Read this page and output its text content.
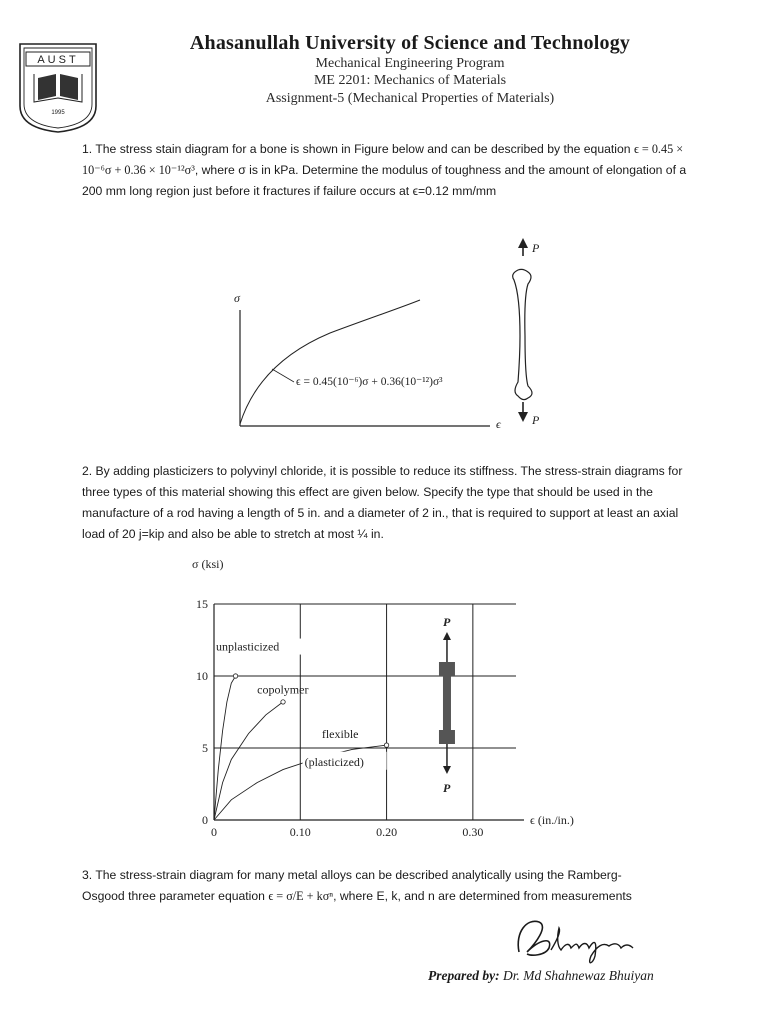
AUST
1995
Ahasanullah University of Science and Technology
Mechanical Engineering Program
ME 2201: Mechanics of Materials
Assignment-5 (Mechanical Properties of Materials)
1. The stress stain diagram for a bone is shown in Figure below and can be described by the equation ϵ = 0.45 × 10⁻⁶σ + 0.36 × 10⁻¹²σ³, where σ is in kPa. Determine the modulus of toughness and the amount of elongation of a 200 mm long region just before it fractures if failure occurs at ϵ=0.12 mm/mm
σ
ϵ
ϵ = 0.45(10⁻⁶)σ + 0.36(10⁻¹²)σ³
P
P
2. By adding plasticizers to polyvinyl chloride, it is possible to reduce its stiffness. The stress-strain diagrams for three types of this material showing this effect are given below. Specify the type that should be used in the manufacture of a rod having a length of 5 in. and a diameter of 2 in., that is required to support at least an axial load of 20 j=kip and also be able to stretch at most ¼ in.
0
5
10
15
0	0.10	0.20	0.30
σ (ksi)
ϵ (in./in.)
unplasticized
copolymer
flexible
(plasticized)
P
P
3. The stress-strain diagram for many metal alloys can be described analytically using the Ramberg-
Osgood three parameter equation ϵ = σ/E + kσⁿ, where E, k, and n are determined from measurements
Prepared by: Dr. Md Shahnewaz Bhuiyan
